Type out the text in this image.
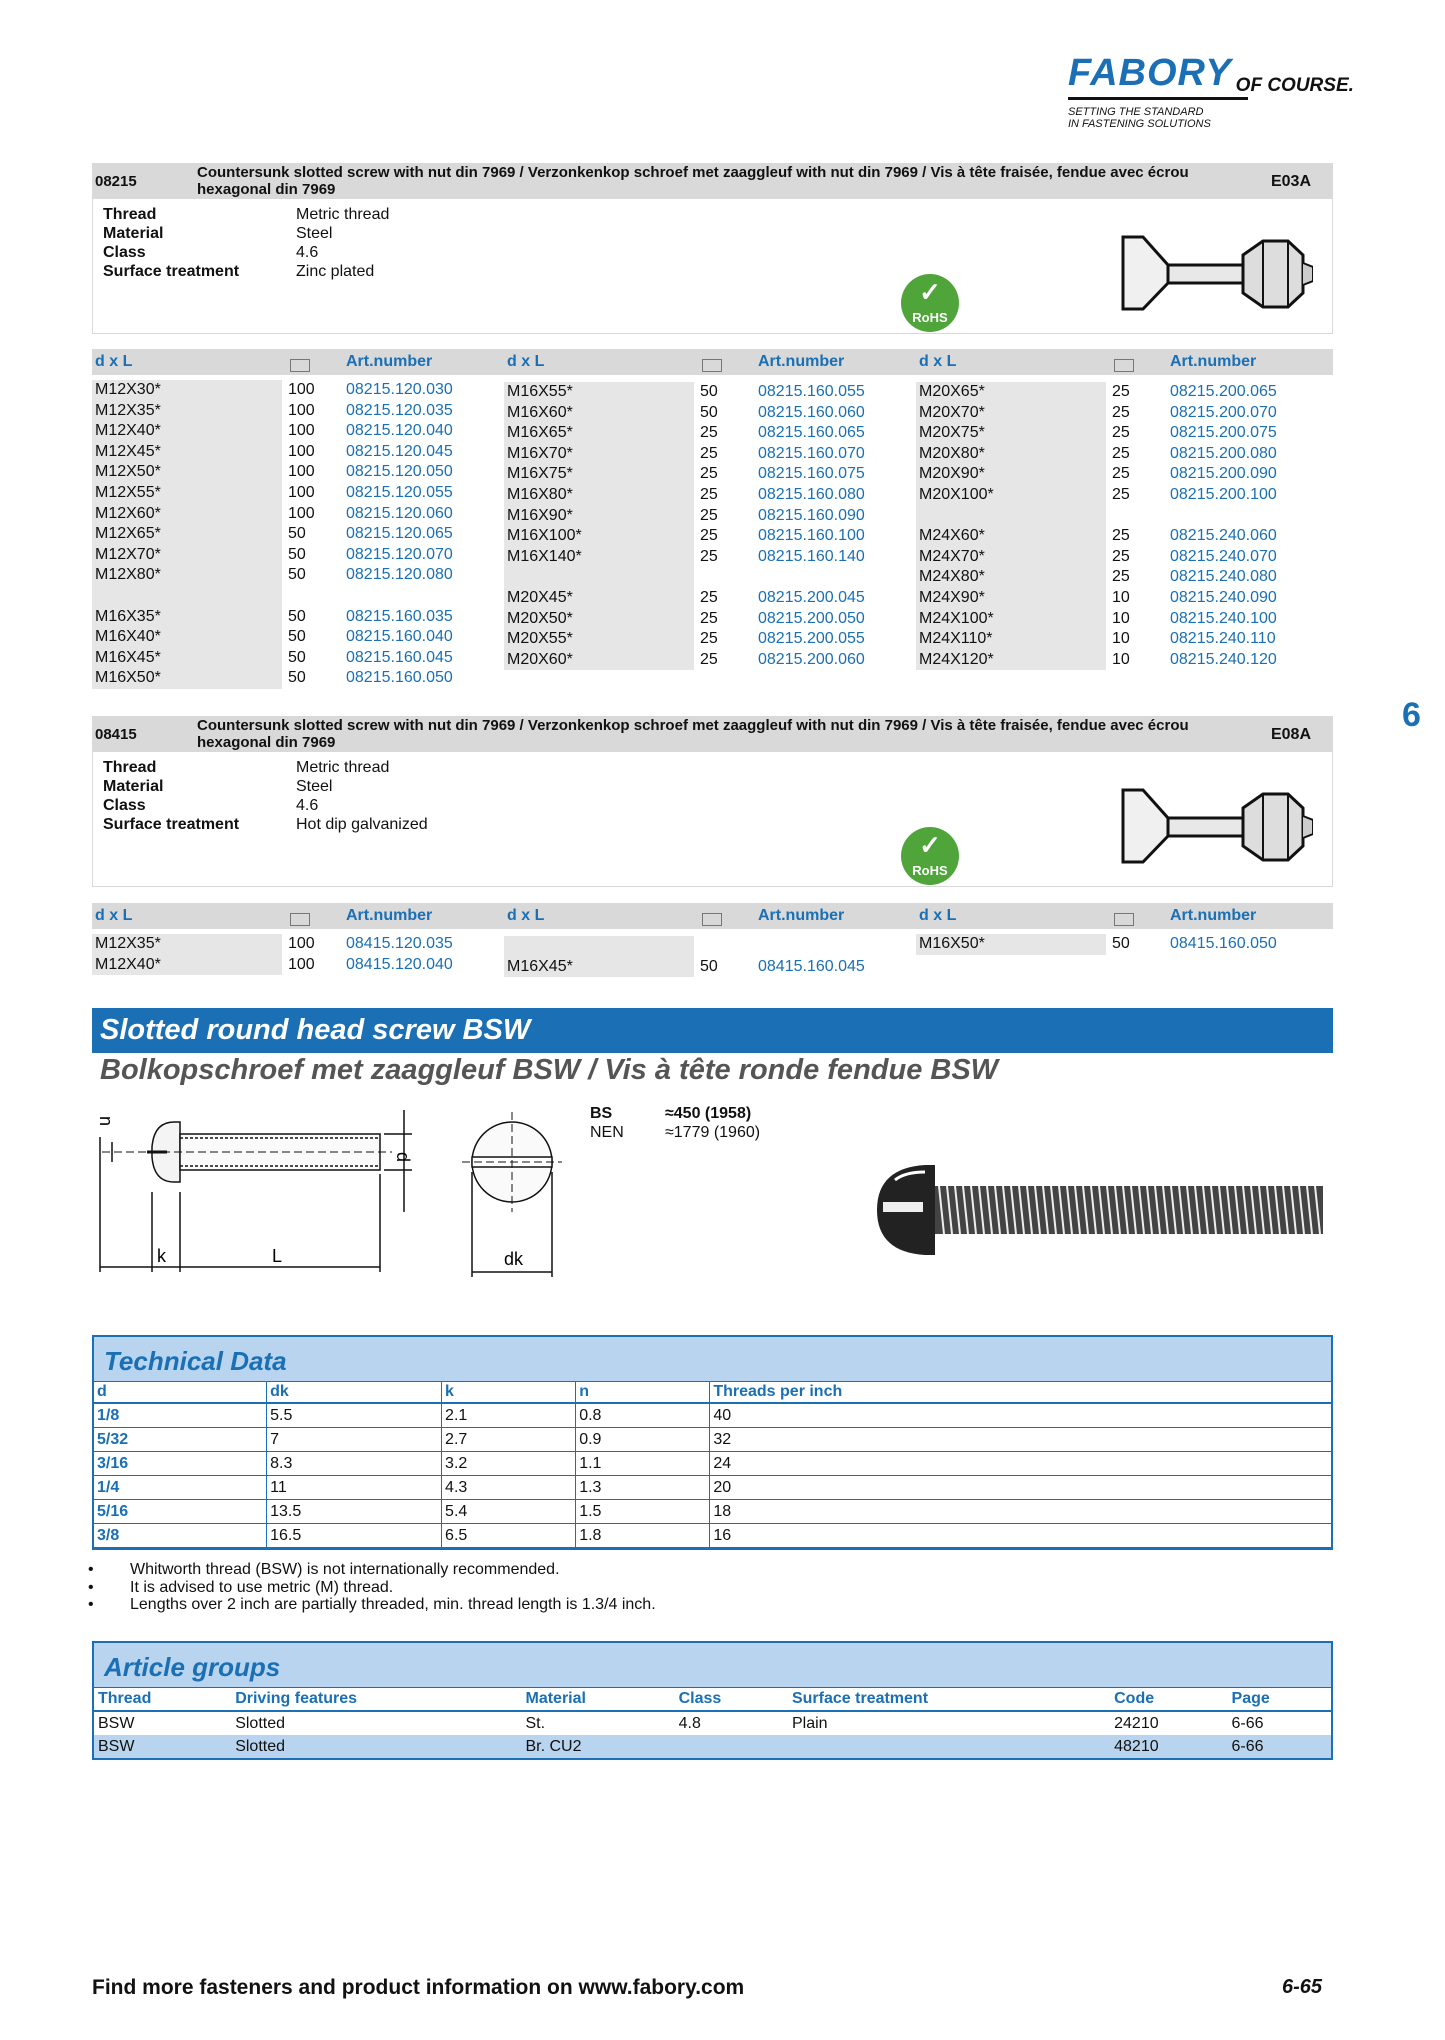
FABORY OF COURSE.
SETTING THE STANDARD
IN FASTENING SOLUTIONS
6
08215
Countersunk slotted screw with nut din 7969 / Verzonkenkop schroef met zaaggleuf with nut din 7969 / Vis à tête fraisée, fendue avec écrou hexagonal din 7969	E03A
Thread	Metric thread
Material	Steel
Class	4.6
Surface treatment	Zinc plated
✓
RoHS
d x L	Art.number	d x L	Art.number	d x L	Art.number
M12X30*	100 08215.120.030
M12X35*	100 08215.120.035
M12X40*	100 08215.120.040
M12X45*	100 08215.120.045
M12X50*	100 08215.120.050
M12X55*	100 08215.120.055
M12X60*	100 08215.120.060
M12X65*	50	08215.120.065
M12X70*	50	08215.120.070
M12X80*	50	08215.120.080

M16X35*	50	08215.160.035
M16X40*	50	08215.160.040
M16X45*	50	08215.160.045
M16X50*	50	08215.160.050
M16X55*	50	08215.160.055
M16X60*	50	08215.160.060
M16X65*	25	08215.160.065
M16X70*	25	08215.160.070
M16X75*	25	08215.160.075
M16X80*	25	08215.160.080
M16X90*	25	08215.160.090
M16X100*	25	08215.160.100
M16X140*	25	08215.160.140

M20X45*	25	08215.200.045
M20X50*	25	08215.200.050
M20X55*	25	08215.200.055
M20X60*	25	08215.200.060
M20X65*	25	08215.200.065
M20X70*	25	08215.200.070
M20X75*	25	08215.200.075
M20X80*	25	08215.200.080
M20X90*	25	08215.200.090
M20X100*	25	08215.200.100

M24X60*	25	08215.240.060
M24X70*	25	08215.240.070
M24X80*	25	08215.240.080
M24X90*	10	08215.240.090
M24X100*	10	08215.240.100
M24X110*	10	08215.240.110
M24X120*	10	08215.240.120
08415
Countersunk slotted screw with nut din 7969 / Verzonkenkop schroef met zaaggleuf with nut din 7969 / Vis à tête fraisée, fendue avec écrou hexagonal din 7969	E08A
Thread	Metric thread
Material	Steel
Class	4.6
Surface treatment	Hot dip galvanized
✓
RoHS
d x L	Art.number	d x L	Art.number	d x L	Art.number
M12X35*	100 08415.120.035
M12X40*	100 08415.120.040
	M16X45*	50	08415.160.045
M16X50*	50	08415.160.050
Slotted round head screw BSW
Bolkopschroef met zaaggleuf BSW / Vis à tête ronde fendue BSW
n
d
k	L	dk
BS	≈450 (1958)
NEN	≈1779 (1960)
Technical Data
d	dk	k	n	Threads per inch
1/8	5.5	2.1	0.8	40
5/32	7	2.7	0.9	32
3/16	8.3	3.2	1.1	24
1/4	11	4.3	1.3	20
5/16	13.5	5.4	1.5	18
3/8	16.5	6.5	1.8	16
• Whitworth thread (BSW) is not internationally recommended.
• It is advised to use metric (M) thread.
• Lengths over 2 inch are partially threaded, min. thread length is 1.3/4 inch.
Article groups
Thread	Driving features	Material	Class	Surface treatment	Code	Page
BSW	Slotted	St.	4.8	Plain	24210	6-66
BSW	Slotted	Br. CU2			48210	6-66
Find more fasteners and product information on www.fabory.com	6-65
